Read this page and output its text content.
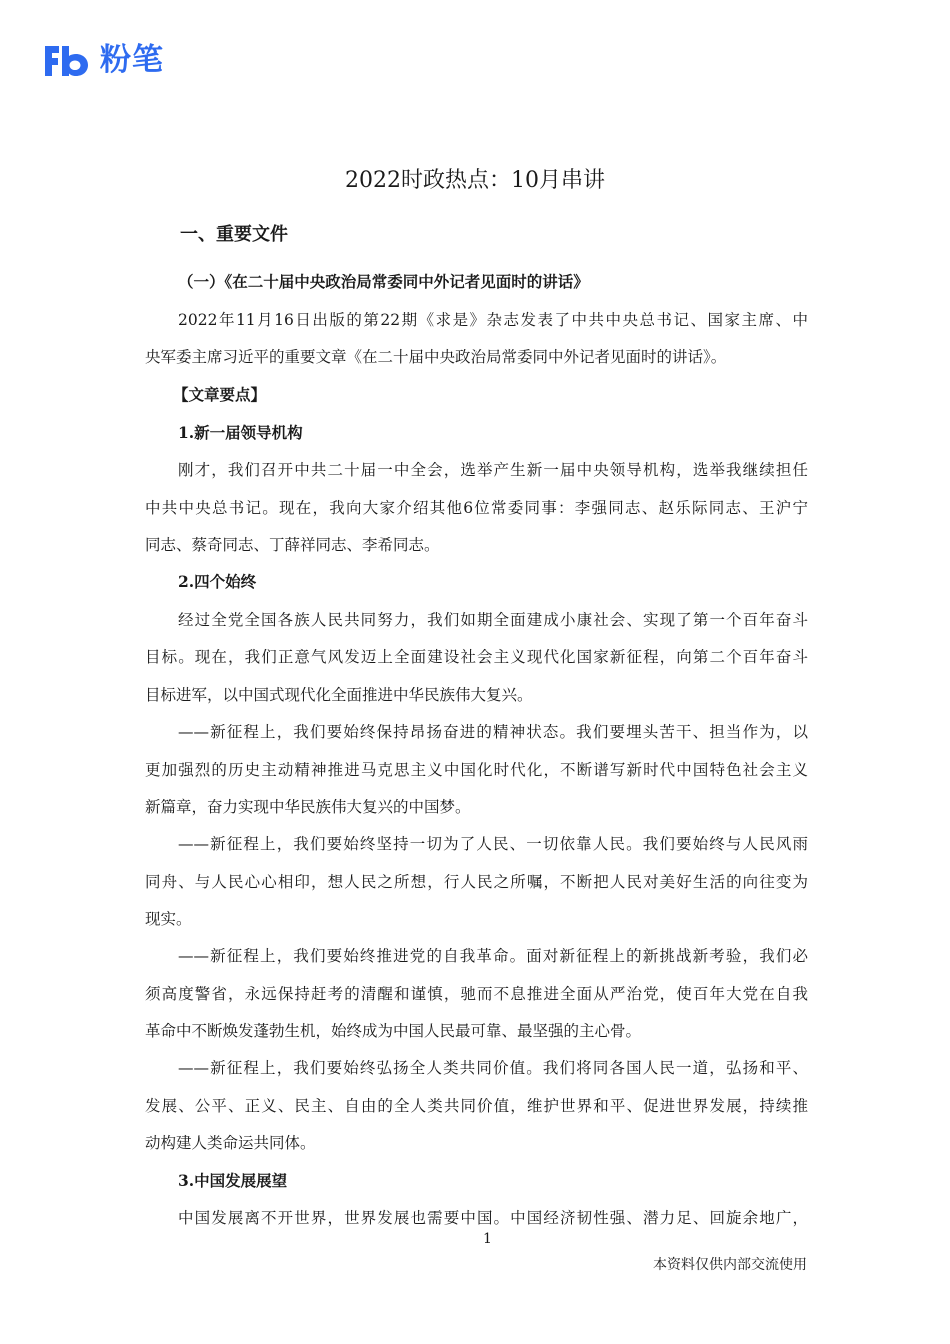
粉笔
2022时政热点：10月串讲
一、重要文件
（一）《在二十届中央政治局常委同中外记者见面时的讲话》
2022年11月16日出版的第22期《求是》杂志发表了中共中央总书记、国家主席、中
央军委主席习近平的重要文章《在二十届中央政治局常委同中外记者见面时的讲话》。
【文章要点】
1.新一届领导机构
刚才，我们召开中共二十届一中全会，选举产生新一届中央领导机构，选举我继续担任
中共中央总书记。现在，我向大家介绍其他6位常委同事：李强同志、赵乐际同志、王沪宁
同志、蔡奇同志、丁薛祥同志、李希同志。
2.四个始终
经过全党全国各族人民共同努力，我们如期全面建成小康社会、实现了第一个百年奋斗
目标。现在，我们正意气风发迈上全面建设社会主义现代化国家新征程，向第二个百年奋斗
目标进军，以中国式现代化全面推进中华民族伟大复兴。
——新征程上，我们要始终保持昂扬奋进的精神状态。我们要埋头苦干、担当作为，以
更加强烈的历史主动精神推进马克思主义中国化时代化，不断谱写新时代中国特色社会主义
新篇章，奋力实现中华民族伟大复兴的中国梦。
——新征程上，我们要始终坚持一切为了人民、一切依靠人民。我们要始终与人民风雨
同舟、与人民心心相印，想人民之所想，行人民之所嘱，不断把人民对美好生活的向往变为
现实。
——新征程上，我们要始终推进党的自我革命。面对新征程上的新挑战新考验，我们必
须高度警省，永远保持赶考的清醒和谨慎，驰而不息推进全面从严治党，使百年大党在自我
革命中不断焕发蓬勃生机，始终成为中国人民最可靠、最坚强的主心骨。
——新征程上，我们要始终弘扬全人类共同价值。我们将同各国人民一道，弘扬和平、
发展、公平、正义、民主、自由的全人类共同价值，维护世界和平、促进世界发展，持续推
动构建人类命运共同体。
3.中国发展展望
中国发展离不开世界，世界发展也需要中国。中国经济韧性强、潜力足、回旋余地广，
1
本资料仅供内部交流使用
